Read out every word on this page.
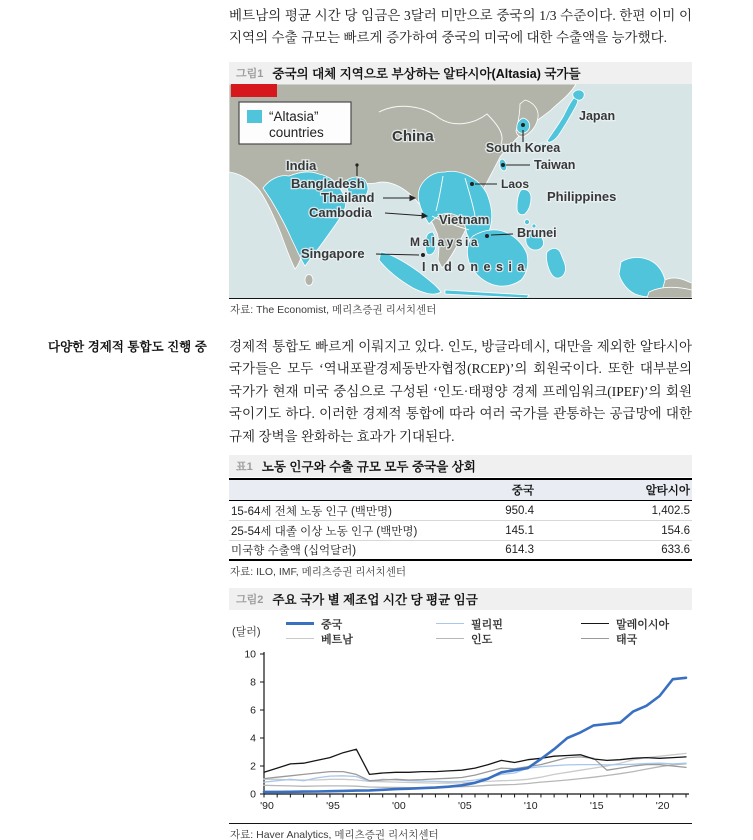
베트남의 평균 시간 당 임금은 3달러 미만으로 중국의 1/3 수준이다. 한편 이미 이 지역의 수출 규모는 빠르게 증가하여 중국의 미국에 대한 수출액을 능가했다.

그림1 중국의 대체 지역으로 부상하는 알타시아(Altasia) 국가들
China
Japan
South Korea
Taiwan
India
Bangladesh	Laos
Thailand
Cambodia	Vietnam
Philippines
Malaysia
Brunei
Singapore
Indonesia
“Altasia”
countries
자료: The Economist, 메리츠증권 리서치센터
다양한 경제적 통합도 진행 중	경제적 통합도 빠르게 이뤄지고 있다. 인도, 방글라데시, 대만을 제외한 알타시아 국가들은 모두 ‘역내포괄경제동반자협정(RCEP)’의 회원국이다. 또한 대부분의 국가가 현재 미국 중심으로 구성된 ‘인도·태평양 경제 프레임워크(IPEF)’의 회원국이기도 하다. 이러한 경제적 통합에 따라 여러 국가를 관통하는 공급망에 대한 규제 장벽을 완화하는 효과가 기대된다.

표1 노동 인구와 수출 규모 모두 중국을 상회
중국	알타시아
15-64세 전체 노동 인구 (백만명)	950.4	1,402.5
25-54세 대졸 이상 노동 인구 (백만명)	145.1	154.6
미국향 수출액 (십억달러)	614.3	633.6
자료: ILO, IMF, 메리츠증권 리서치센터
그림2 주요 국가 별 제조업 시간 당 평균 임금
(달러)
중국
베트남
필리핀
인도
말레이시아
태국
0
2
4
6
8
10
'90	'95	'00	'05	'10	'15	'20
자료: Haver Analytics, 메리츠증권 리서치센터
